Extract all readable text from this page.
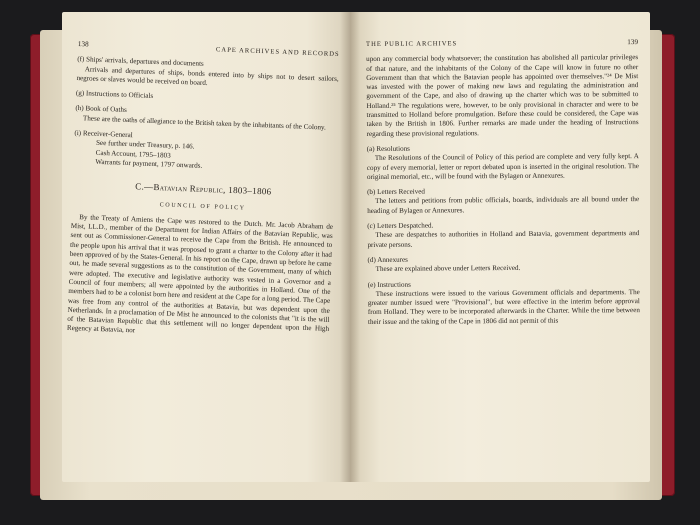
138
CAPE ARCHIVES AND RECORDS

(f) Ships' arrivals, departures and documents

Arrivals and departures of ships, bonds entered into by ships not to desert sailors, negroes or slaves would be received on board.

(g) Instructions to Officials

(h) Book of Oaths

These are the oaths of allegiance to the British taken by the inhabitants of the Colony.

(i) Receiver-General

See further under Treasury, p. 146.
Cash Account, 1795–1803
Warrants for payment, 1797 onwards.
C.—Batavian Republic, 1803–1806
COUNCIL OF POLICY

By the Treaty of Amiens the Cape was restored to the Dutch. Mr. Jacob Abraham de Mist, LL.D., member of the Department for Indian Affairs of the Batavian Republic, was sent out as Commissioner-General to receive the Cape from the British. He announced to the people upon his arrival that it was proposed to grant a charter to the Colony after it had been approved of by the States-General. In his report on the Cape, drawn up before he came out, he made several suggestions as to the constitution of the Government, many of which were adopted. The executive and legislative authority was vested in a Governor and a Council of four members; all were appointed by the authorities in Holland. One of the members had to be a colonist born here and resident at the Cape for a long period. The Cape was free from any control of the authorities at Batavia, but was dependent upon the Netherlands. In a proclamation of De Mist he announced to the colonists that "it is the will of the Batavian Republic that this settlement will no longer dependent upon the High Regency at Batavia, nor

THE PUBLIC ARCHIVES	139

upon any commercial body whatsoever; the constitution has abolished all particular privileges of that nature, and the inhabitants of the Colony of the Cape will know in future no other Government than that which the Batavian people has appointed over themselves."²⁴ De Mist was invested with the power of making new laws and regulating the administration and government of the Cape, and also of drawing up the charter which was to be submitted to Holland.²⁵ The regulations were, however, to be only provisional in character and were to be transmitted to Holland before promulgation. Before these could be considered, the Cape was taken by the British in 1806. Further remarks are made under the heading of Instructions regarding these provisional regulations.

(a) Resolutions

The Resolutions of the Council of Policy of this period are complete and very fully kept. A copy of every memorial, letter or report debated upon is inserted in the original resolution. The original memorial, etc., will be found with the Bylagen or Annexures.

(b) Letters Received

The letters and petitions from public officials, boards, individuals are all bound under the heading of Bylagen or Annexures.

(c) Letters Despatched.

These are despatches to authorities in Holland and Batavia, government departments and private persons.

(d) Annexures

These are explained above under Letters Received.

(e) Instructions

These instructions were issued to the various Government officials and departments. The greater number issued were "Provisional", but were effective in the interim before approval from Holland. They were to be incorporated afterwards in the Charter. While the time between their issue and the taking of the Cape in 1806 did not permit of this
